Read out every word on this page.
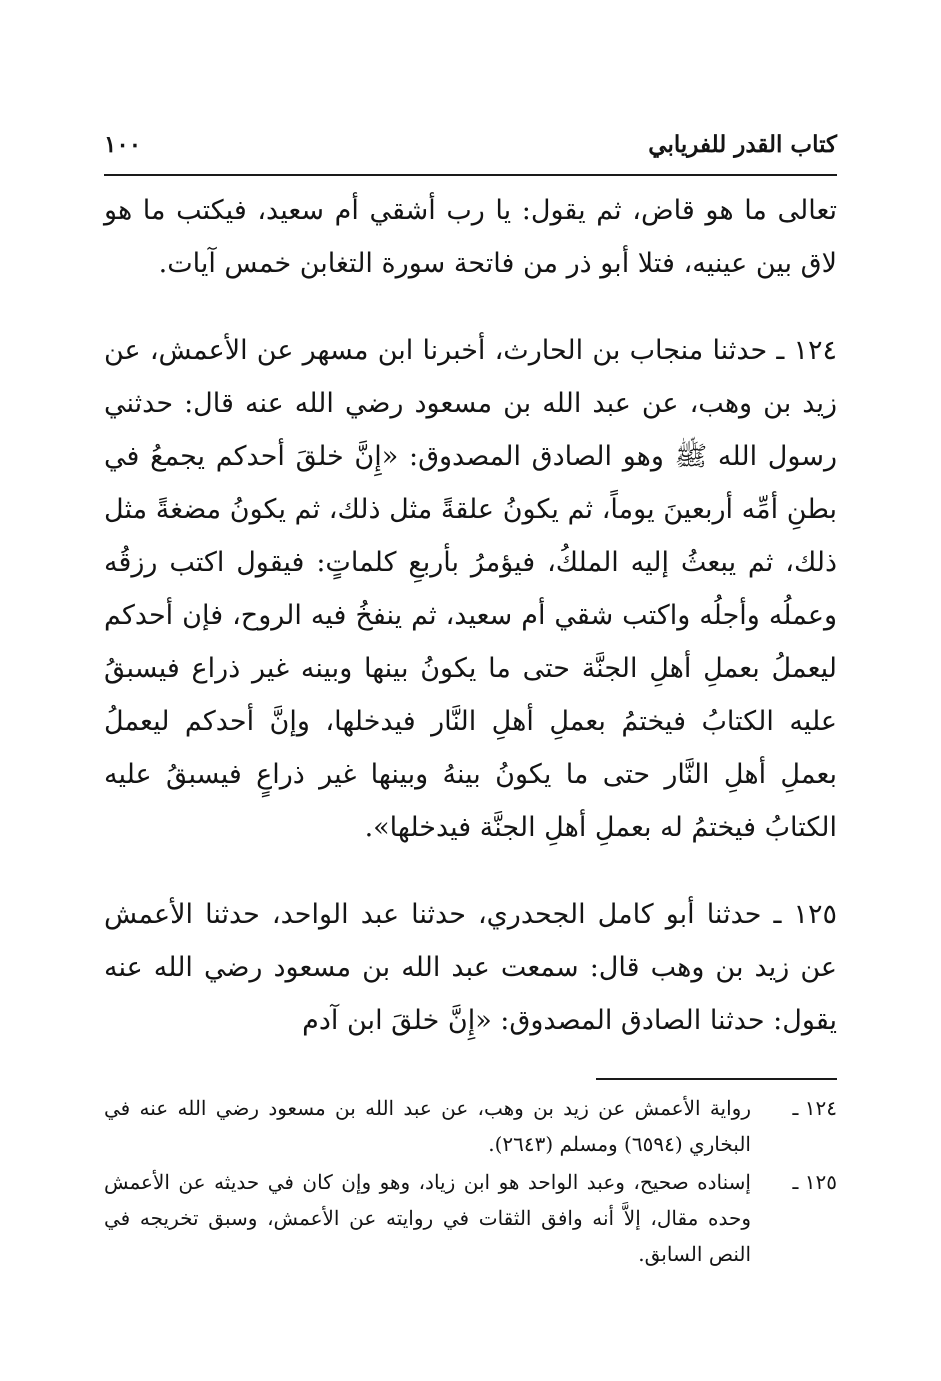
كتاب القدر للفريابي
١٠٠

تعالى ما هو قاض، ثم يقول: يا رب أشقي أم سعيد، فيكتب ما هو لاق بين عينيه، فتلا أبو ذر من فاتحة سورة التغابن خمس آيات.

١٢٤ ـ حدثنا منجاب بن الحارث، أخبرنا ابن مسهر عن الأعمش، عن زيد بن وهب، عن عبد الله بن مسعود رضي الله عنه قال: حدثني رسول الله ﷺ وهو الصادق المصدوق: «إِنَّ خلقَ أحدكم يجمعُ في بطنِ أمِّه أربعينَ يوماً، ثم يكونُ علقةً مثل ذلك، ثم يكونُ مضغةً مثل ذلك، ثم يبعثُ إليه الملكُ، فيؤمرُ بأربعِ كلماتٍ: فيقول اكتب رزقُه وعملُه وأجلُه واكتب شقي أم سعيد، ثم ينفخُ فيه الروح، فإن أحدكم ليعملُ بعملِ أهلِ الجنَّة حتى ما يكونُ بينها وبينه غير ذراع فيسبقُ عليه الكتابُ فيختمُ بعملِ أهلِ النَّار فيدخلها، وإنَّ أحدكم ليعملُ بعملِ أهلِ النَّار حتى ما يكونُ بينهُ وبينها غير ذراعٍ فيسبقُ عليه الكتابُ فيختمُ له بعملِ أهلِ الجنَّة فيدخلها».

١٢٥ ـ حدثنا أبو كامل الجحدري، حدثنا عبد الواحد، حدثنا الأعمش عن زيد بن وهب قال: سمعت عبد الله بن مسعود رضي الله عنه يقول: حدثنا الصادق المصدوق: «إِنَّ خلقَ ابن آدم

١٢٤ ـ
رواية الأعمش عن زيد بن وهب، عن عبد الله بن مسعود رضي الله عنه في البخاري (٦٥٩٤) ومسلم (٢٦٤٣).
١٢٥ ـ
إسناده صحيح، وعبد الواحد هو ابن زياد، وهو وإن كان في حديثه عن الأعمش وحده مقال، إلاَّ أنه وافق الثقات في روايته عن الأعمش، وسبق تخريجه في النص السابق.
